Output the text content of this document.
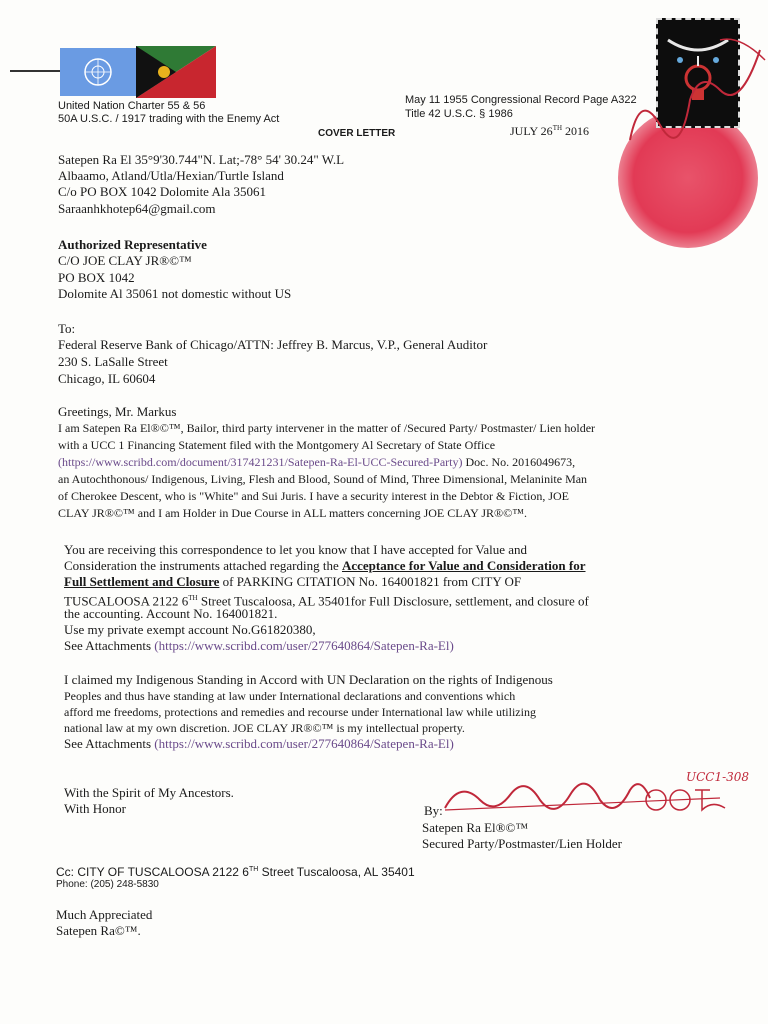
United Nation Charter 55 & 56
50A U.S.C. / 1917 trading with the Enemy Act
May 11 1955 Congressional Record Page A322
Title 42 U.S.C. § 1986
COVER LETTER	JULY 26TH 2016
Satepen Ra El 35°9'30.744"N. Lat;-78° 54' 30.24" W.L
Albaamo, Atland/Utla/Hexian/Turtle Island
C/o PO BOX 1042 Dolomite Ala 35061
Saraanhkhotep64@gmail.com
Authorized Representative
C/O JOE CLAY JR®©™
PO BOX 1042
Dolomite Al 35061 not domestic without US
To:
Federal Reserve Bank of Chicago/ATTN: Jeffrey B. Marcus, V.P., General Auditor
230 S. LaSalle Street
Chicago, IL 60604
Greetings, Mr. Markus
I am Satepen Ra El®©™, Bailor, third party intervener in the matter of /Secured Party/ Postmaster/ Lien holder
with a UCC 1 Financing Statement filed with the Montgomery Al Secretary of State Office
(https://www.scribd.com/document/317421231/Satepen-Ra-El-UCC-Secured-Party) Doc. No. 2016049673,
an Autochthonous/ Indigenous, Living, Flesh and Blood, Sound of Mind, Three Dimensional, Melaninite Man
of Cherokee Descent, who is "White" and Sui Juris. I have a security interest in the Debtor & Fiction, JOE
CLAY JR®©™ and I am Holder in Due Course in ALL matters concerning JOE CLAY JR®©™.
You are receiving this correspondence to let you know that I have accepted for Value and
Consideration the instruments attached regarding the Acceptance for Value and Consideration for
Full Settlement and Closure of PARKING CITATION No. 164001821 from CITY OF
TUSCALOOSA 2122 6TH Street Tuscaloosa, AL 35401for Full Disclosure, settlement, and closure of
the accounting. Account No. 164001821.
Use my private exempt account No.G61820380,
See Attachments (https://www.scribd.com/user/277640864/Satepen-Ra-El)
I claimed my Indigenous Standing in Accord with UN Declaration on the rights of Indigenous
Peoples and thus have standing at law under International declarations and conventions which
afford me freedoms, protections and remedies and recourse under International law while utilizing
national law at my own discretion. JOE CLAY JR®©™ is my intellectual property.
See Attachments (https://www.scribd.com/user/277640864/Satepen-Ra-El)
With the Spirit of My Ancestors.
With Honor	By:
UCC1-308
Satepen Ra El®©™
Secured Party/Postmaster/Lien Holder
Cc: CITY OF TUSCALOOSA 2122 6TH Street Tuscaloosa, AL 35401
Phone: (205) 248-5830
Much Appreciated
Satepen Ra©™.
